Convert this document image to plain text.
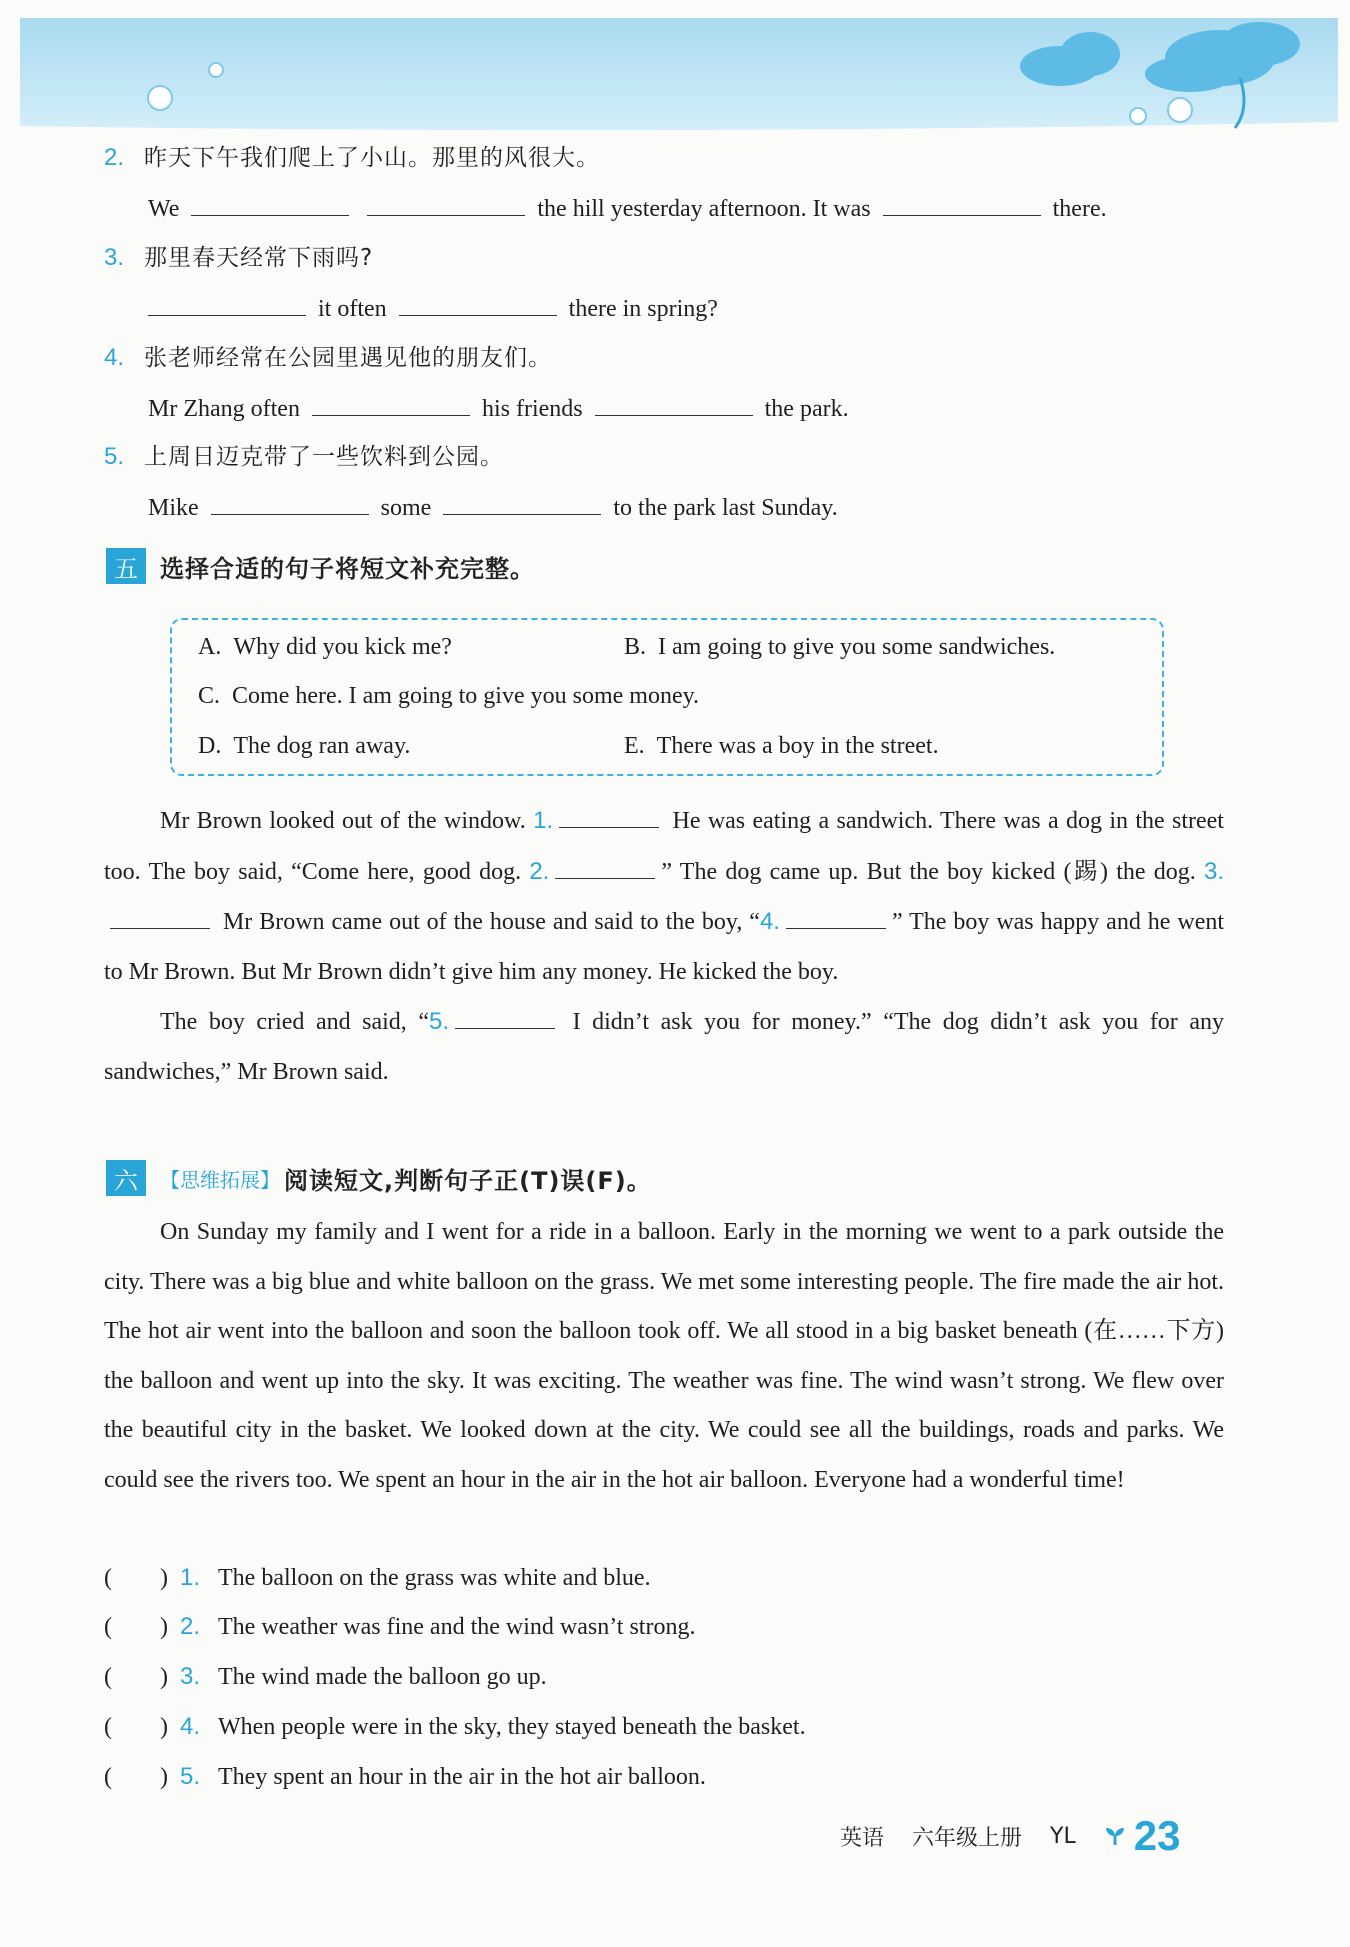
2. 昨天下午我们爬上了小山。那里的风很大。
We	the hill yesterday afternoon. It was	there.
3. 那里春天经常下雨吗?
it often	there in spring?
4. 张老师经常在公园里遇见他的朋友们。
Mr Zhang often	his friends	the park.
5. 上周日迈克带了一些饮料到公园。
Mike	some	to the park last Sunday.
五 选择合适的句子将短文补充完整。
A. Why did you kick me?	B. I am going to give you some sandwiches.
C. Come here. I am going to give you some money.
D. The dog ran away.	E. There was a boy in the street.

Mr Brown looked out of the window. 1.	He was eating a sandwich. There was a dog in the street too. The boy said, “Come here, good dog. 2.	” The dog came up. But the boy kicked (踢) the dog. 3. Mr Brown came out of the house and said to the boy, “4.	” The boy was happy and he went to Mr Brown. But Mr Brown didn’t give him any money. He kicked the boy.

The boy cried and said, “5.	I didn’t ask you for money.” “The dog didn’t ask you for any sandwiches,” Mr Brown said.

六	【思维拓展】 阅读短文,判断句子正(T)误(F)。

On Sunday my family and I went for a ride in a balloon. Early in the morning we went to a park outside the city. There was a big blue and white balloon on the grass. We met some interesting people. The fire made the air hot. The hot air went into the balloon and soon the balloon took off. We all stood in a big basket beneath (在……下方) the balloon and went up into the sky. It was exciting. The weather was fine. The wind wasn’t strong. We flew over the beautiful city in the basket. We looked down at the city. We could see all the buildings, roads and parks. We could see the rivers too. We spent an hour in the air in the hot air balloon. Everyone had a wonderful time!

(　　) 1. The balloon on the grass was white and blue.
(　　) 2. The weather was fine and the wind wasn’t strong.
(　　) 3. The wind made the balloon go up.
(　　) 4. When people were in the sky, they stayed beneath the basket.
(　　) 5. They spent an hour in the air in the hot air balloon.
英语 六年级上册 YL 23
